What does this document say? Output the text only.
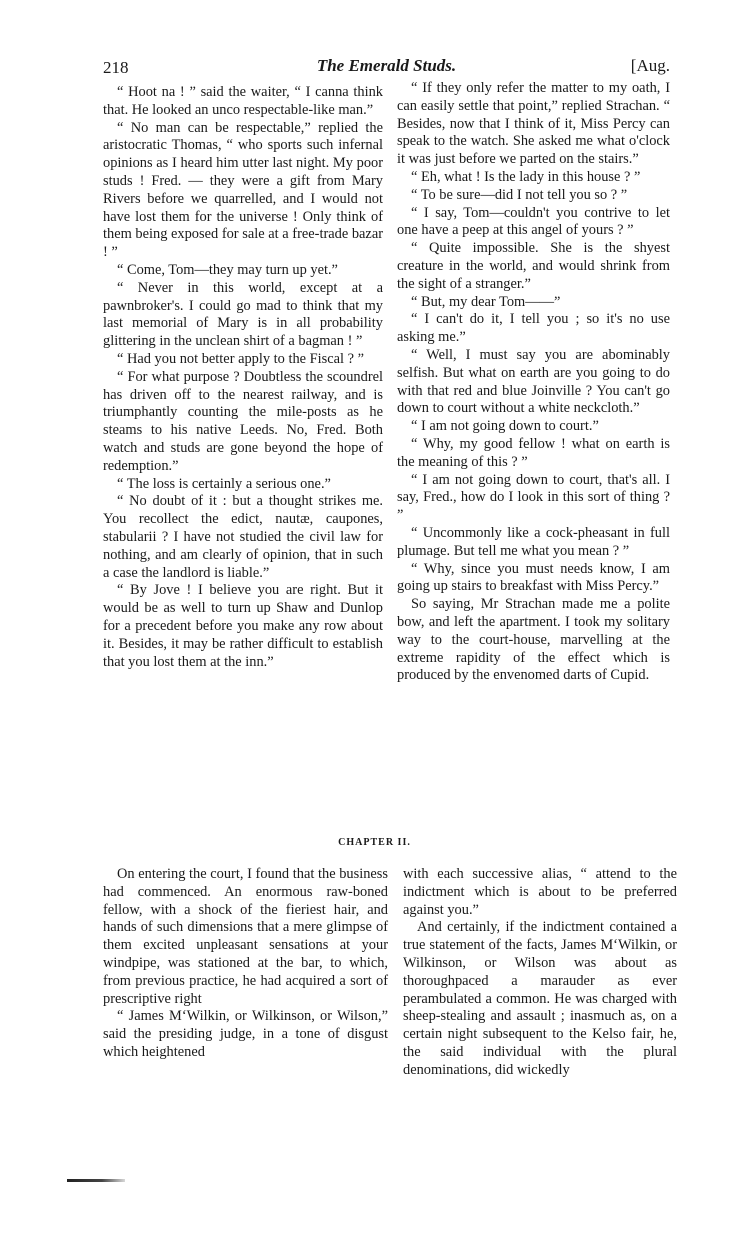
218	The Emerald Studs.	[Aug.

“ Hoot na ! ” said the waiter, “ I canna think that. He looked an unco respectable-like man.”

“ No man can be respectable,” replied the aristocratic Thomas, “ who sports such infernal opinions as I heard him utter last night. My poor studs ! Fred. — they were a gift from Mary Rivers before we quarrelled, and I would not have lost them for the universe ! Only think of them being exposed for sale at a free-trade bazar ! ”

“ Come, Tom—they may turn up yet.”

“ Never in this world, except at a pawnbroker's. I could go mad to think that my last memorial of Mary is in all probability glittering in the unclean shirt of a bagman ! ”

“ Had you not better apply to the Fiscal ? ”

“ For what purpose ? Doubtless the scoundrel has driven off to the nearest railway, and is triumphantly counting the mile-posts as he steams to his native Leeds. No, Fred. Both watch and studs are gone beyond the hope of redemption.”

“ The loss is certainly a serious one.”

“ No doubt of it : but a thought strikes me. You recollect the edict, nautæ, caupones, stabularii ? I have not studied the civil law for nothing, and am clearly of opinion, that in such a case the landlord is liable.”

“ By Jove ! I believe you are right. But it would be as well to turn up Shaw and Dunlop for a precedent before you make any row about it. Besides, it may be rather difficult to establish that you lost them at the inn.”

“ If they only refer the matter to my oath, I can easily settle that point,” replied Strachan. “ Besides, now that I think of it, Miss Percy can speak to the watch. She asked me what o'clock it was just before we parted on the stairs.”

“ Eh, what ! Is the lady in this house ? ”

“ To be sure—did I not tell you so ? ”

“ I say, Tom—couldn't you contrive to let one have a peep at this angel of yours ? ”

“ Quite impossible. She is the shyest creature in the world, and would shrink from the sight of a stranger.”

“ But, my dear Tom——”

“ I can't do it, I tell you ; so it's no use asking me.”

“ Well, I must say you are abominably selfish. But what on earth are you going to do with that red and blue Joinville ? You can't go down to court without a white neckcloth.”

“ I am not going down to court.”

“ Why, my good fellow ! what on earth is the meaning of this ? ”

“ I am not going down to court, that's all. I say, Fred., how do I look in this sort of thing ? ”

“ Uncommonly like a cock-pheasant in full plumage. But tell me what you mean ? ”

“ Why, since you must needs know, I am going up stairs to breakfast with Miss Percy.”

So saying, Mr Strachan made me a polite bow, and left the apartment. I took my solitary way to the court-house, marvelling at the extreme rapidity of the effect which is produced by the envenomed darts of Cupid.

CHAPTER II.

On entering the court, I found that the business had commenced. An enormous raw-boned fellow, with a shock of the fieriest hair, and hands of such dimensions that a mere glimpse of them excited unpleasant sensations at your windpipe, was stationed at the bar, to which, from previous practice, he had acquired a sort of prescriptive right

“ James M‘Wilkin, or Wilkinson, or Wilson,” said the presiding judge, in a tone of disgust which heightened

with each successive alias, “ attend to the indictment which is about to be preferred against you.”

And certainly, if the indictment contained a true statement of the facts, James M‘Wilkin, or Wilkinson, or Wilson was about as thoroughpaced a marauder as ever perambulated a common. He was charged with sheep-stealing and assault ; inasmuch as, on a certain night subsequent to the Kelso fair, he, the said individual with the plural denominations, did wickedly
